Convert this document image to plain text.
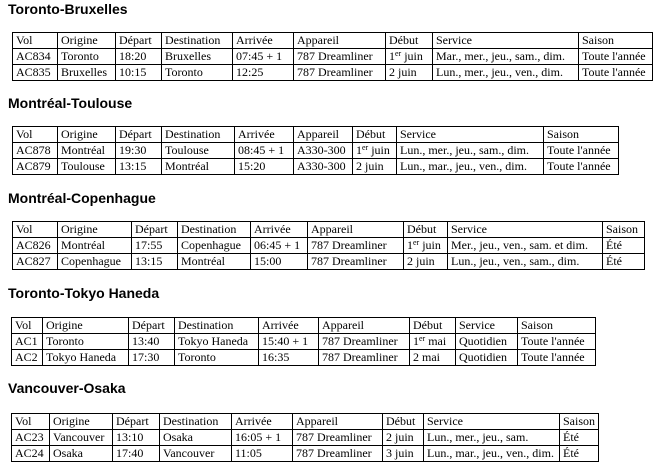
Toronto-Bruxelles
Vol	Origine	Départ	Destination	Arrivée	Appareil	Début	Service	Saison
AC834	Toronto	18:20	Bruxelles	07:45 + 1	787 Dreamliner	1er juin	Mar., mer., jeu., sam., dim.	Toute l'année
AC835	Bruxelles	10:15	Toronto	12:25	787 Dreamliner	2 juin	Lun., mer., jeu., ven., dim.	Toute l'année
Montréal-Toulouse
Vol	Origine	Départ	Destination	Arrivée	Appareil	Début	Service	Saison
AC878	Montréal	19:30	Toulouse	08:45 + 1	A330-300	1er juin	Lun., mer., jeu., sam., dim.	Toute l'année
AC879	Toulouse	13:15	Montréal	15:20	A330-300	2 juin	Lun., mar., jeu., ven., dim.	Toute l'année
Montréal-Copenhague
Vol	Origine	Départ	Destination	Arrivée	Appareil	Début	Service	Saison
AC826	Montréal	17:55	Copenhague	06:45 + 1	787 Dreamliner	1er juin	Mer., jeu., ven., sam. et dim.	Été
AC827	Copenhague	13:15	Montréal	15:00	787 Dreamliner	2 juin	Lun., jeu., ven., sam., dim.	Été
Toronto-Tokyo Haneda
Vol	Origine	Départ	Destination	Arrivée	Appareil	Début	Service	Saison
AC1	Toronto	13:40	Tokyo Haneda	15:40 + 1	787 Dreamliner	1er mai	Quotidien	Toute l'année
AC2	Tokyo Haneda	17:30	Toronto	16:35	787 Dreamliner	2 mai	Quotidien	Toute l'année
Vancouver-Osaka
Vol	Origine	Départ	Destination	Arrivée	Appareil	Début	Service	Saison
AC23	Vancouver	13:10	Osaka	16:05 + 1	787 Dreamliner	2 juin	Lun., mer., jeu., sam.	Été
AC24	Osaka	17:40	Vancouver	11:05	787 Dreamliner	3 juin	Lun., mar., jeu., ven., dim.	Été
